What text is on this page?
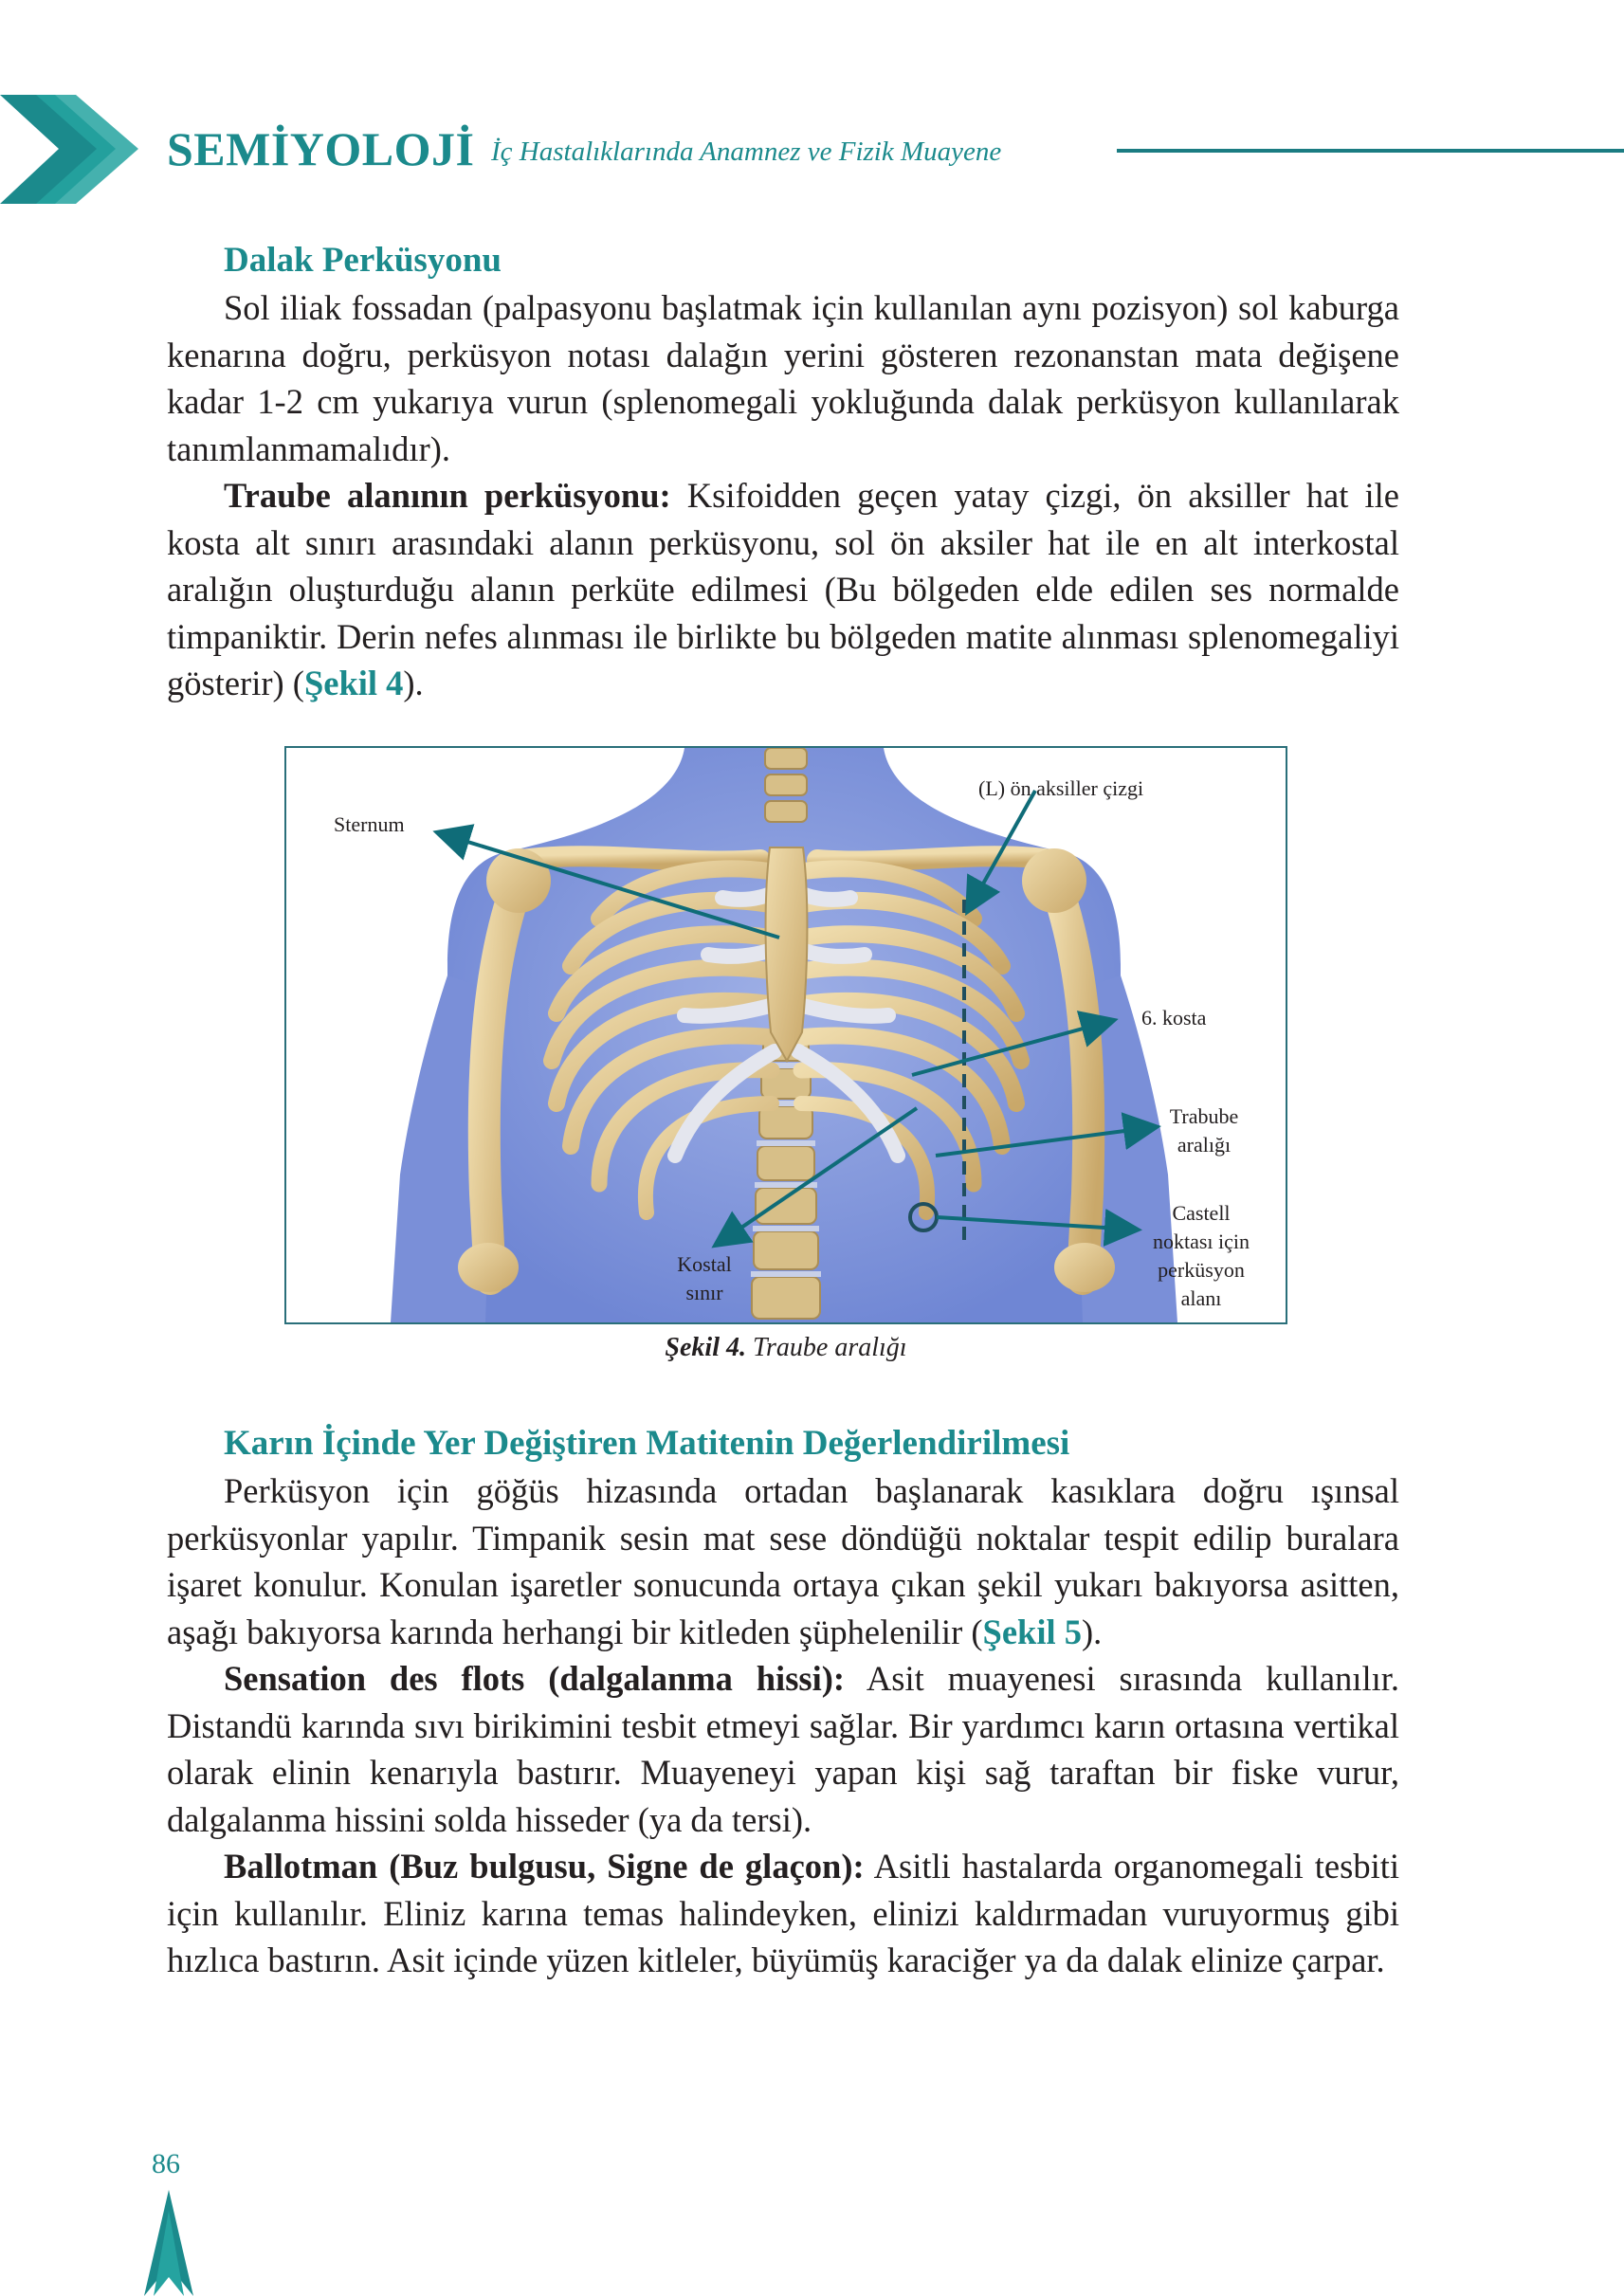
SEMİYOLOJİ İç Hastalıklarında Anamnez ve Fizik Muayene
Dalak Perküsyonu

Sol iliak fossadan (palpasyonu başlatmak için kullanılan aynı pozisyon) sol kaburga kenarına doğru, perküsyon notası dalağın yerini gösteren rezonanstan mata değişene kadar 1-2 cm yukarıya vurun (splenomegali yokluğunda dalak perküsyon kullanılarak tanımlanmamalıdır).

Traube alanının perküsyonu: Ksifoidden geçen yatay çizgi, ön aksiller hat ile kosta alt sınırı arasındaki alanın perküsyonu, sol ön aksiler hat ile en alt interkostal aralığın oluşturduğu alanın perküte edilmesi (Bu bölgeden elde edilen ses normalde timpaniktir. Derin nefes alınması ile birlikte bu bölgeden matite alınması splenomegaliyi gösterir) (Şekil 4).

Sternum
(L) ön aksiller çizgi
6. kosta
Trabube
aralığı
Castell
noktası için
perküsyon
alanı
Kostal
sınır
Şekil 4. Traube aralığı
Karın İçinde Yer Değiştiren Matitenin Değerlendirilmesi

Perküsyon için göğüs hizasında ortadan başlanarak kasıklara doğru ışınsal perküsyonlar yapılır. Timpanik sesin mat sese döndüğü noktalar tespit edilip buralara işaret konulur. Konulan işaretler sonucunda ortaya çıkan şekil yukarı bakıyorsa asitten, aşağı bakıyorsa karında herhangi bir kitleden şüphelenilir (Şekil 5).

Sensation des flots (dalgalanma hissi): Asit muayenesi sırasında kullanılır. Distandü karında sıvı birikimini tesbit etmeyi sağlar. Bir yardımcı karın ortasına vertikal olarak elinin kenarıyla bastırır. Muayeneyi yapan kişi sağ taraftan bir fiske vurur, dalgalanma hissini solda hisseder (ya da tersi).

Ballotman (Buz bulgusu, Signe de glaçon): Asitli hastalarda organomegali tesbiti için kullanılır. Eliniz karına temas halindeyken, elinizi kaldırmadan vuruyormuş gibi hızlıca bastırın. Asit içinde yüzen kitleler, büyümüş karaciğer ya da dalak elinize çarpar.

86
